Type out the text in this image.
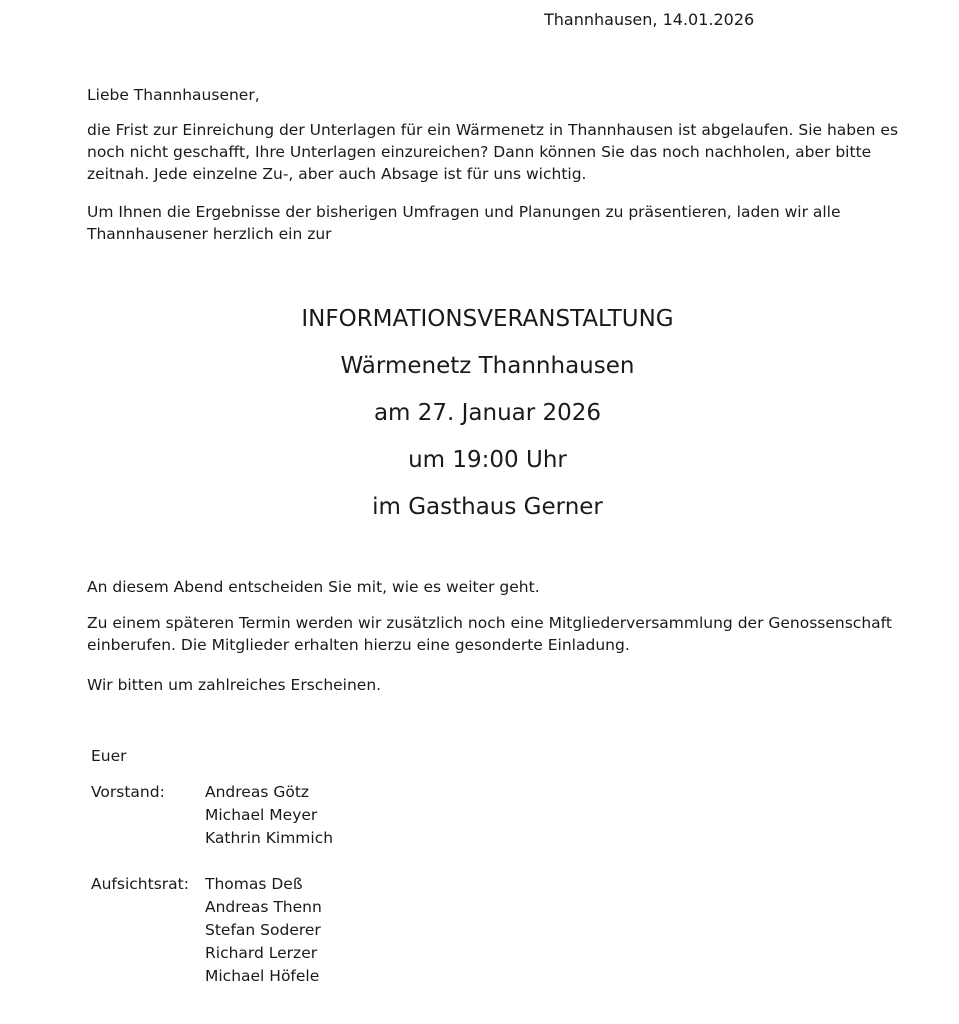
Thannhausen, 14.01.2026

Liebe Thannhausener,

die Frist zur Einreichung der Unterlagen für ein Wärmenetz in Thannhausen ist abgelaufen. Sie haben es noch nicht geschafft, Ihre Unterlagen einzureichen? Dann können Sie das noch nachholen, aber bitte zeitnah. Jede einzelne Zu-, aber auch Absage ist für uns wichtig.

Um Ihnen die Ergebnisse der bisherigen Umfragen und Planungen zu präsentieren, laden wir alle Thannhausener herzlich ein zur

INFORMATIONSVERANSTALTUNG
Wärmenetz Thannhausen
am 27. Januar 2026
um 19:00 Uhr
im Gasthaus Gerner

An diesem Abend entscheiden Sie mit, wie es weiter geht.

Zu einem späteren Termin werden wir zusätzlich noch eine Mitgliederversammlung der Genossenschaft einberufen. Die Mitglieder erhalten hierzu eine gesonderte Einladung.

Wir bitten um zahlreiches Erscheinen.

Euer
Vorstand:	Andreas Götz
Michael Meyer
Kathrin Kimmich
Aufsichtsrat:	Thomas Deß
Andreas Thenn
Stefan Soderer
Richard Lerzer
Michael Höfele
